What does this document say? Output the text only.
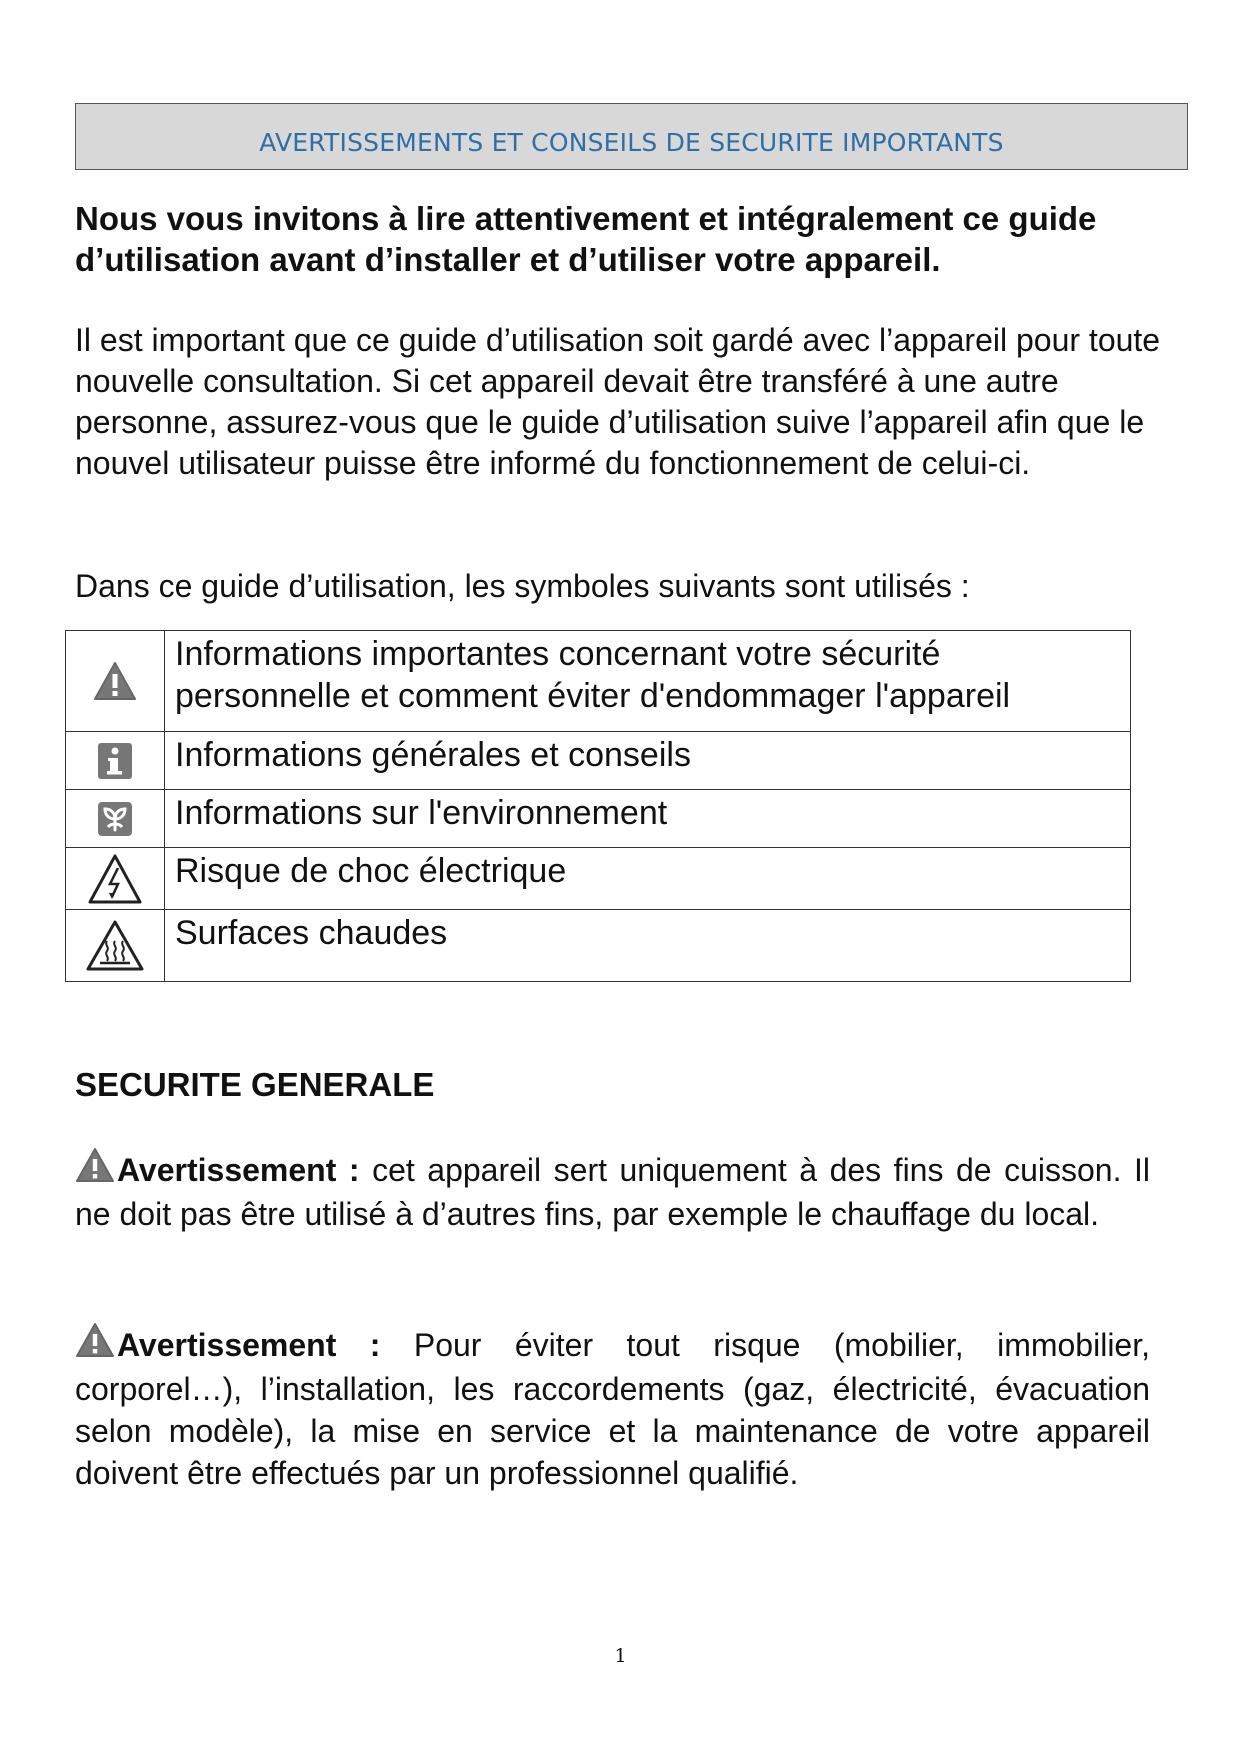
AVERTISSEMENTS ET CONSEILS DE SECURITE IMPORTANTS

Nous vous invitons à lire attentivement et intégralement ce guide d’utilisation avant d’installer et d’utiliser votre appareil.

Il est important que ce guide d’utilisation soit gardé avec l’appareil pour toute nouvelle consultation. Si cet appareil devait être transféré à une autre personne, assurez-vous que le guide d’utilisation suive l’appareil afin que le nouvel utilisateur puisse être informé du fonctionnement de celui-ci.

Dans ce guide d’utilisation, les symboles suivants sont utilisés :

	Informations importantes concernant votre sécurité personnelle et comment éviter d'endommager l'appareil

	Informations générales et conseils

	Informations sur l'environnement

	Risque de choc électrique

	Surfaces chaudes
SECURITE GENERALE

Avertissement : cet appareil sert uniquement à des fins de cuisson. Il ne doit pas être utilisé à d’autres fins, par exemple le chauffage du local.

Avertissement : Pour éviter tout risque (mobilier, immobilier, corporel…), l’installation, les raccordements (gaz, électricité, évacuation selon modèle), la mise en service et la maintenance de votre appareil doivent être effectués par un professionnel qualifié.

1
